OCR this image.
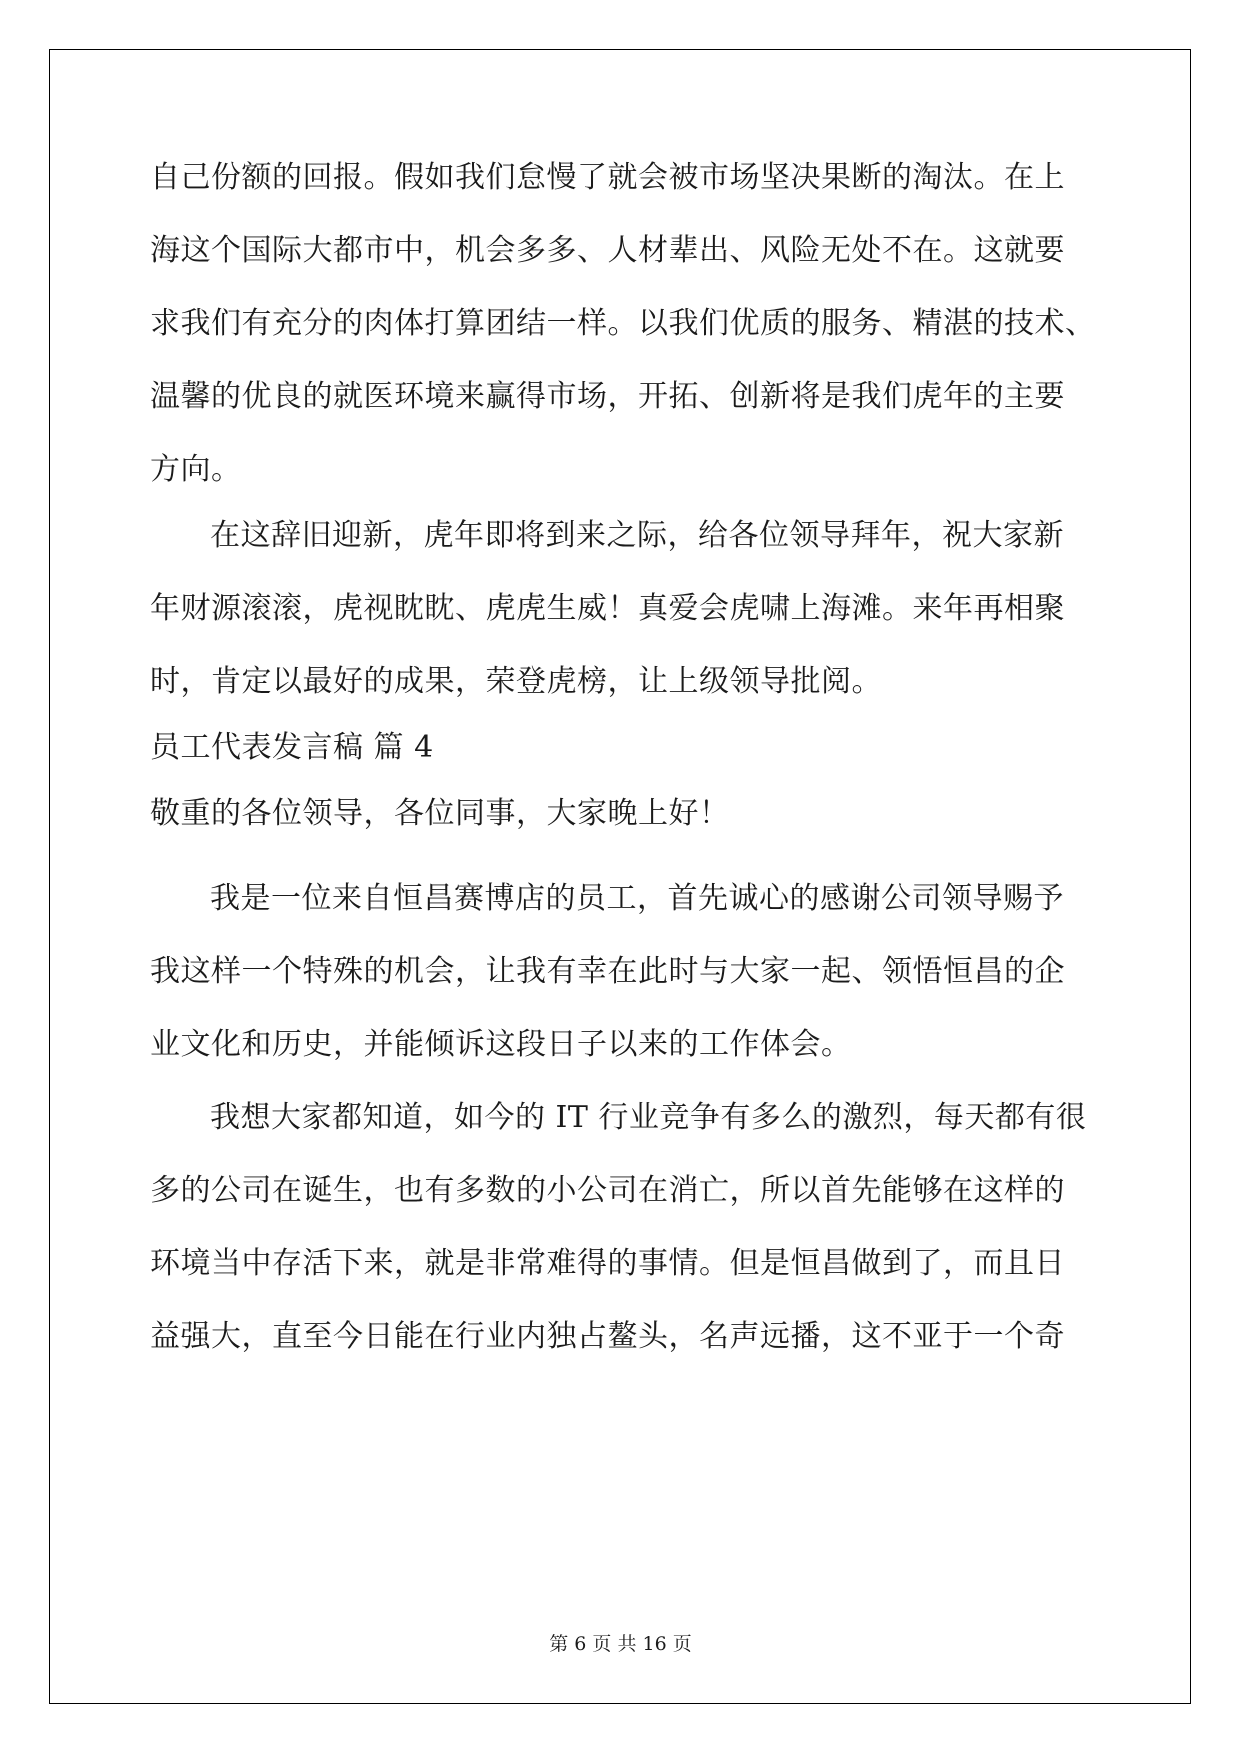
自己份额的回报。假如我们怠慢了就会被市场坚决果断的淘汰。在上
海这个国际大都市中，机会多多、人材辈出、风险无处不在。这就要
求我们有充分的肉体打算团结一样。以我们优质的服务、精湛的技术、
温馨的优良的就医环境来赢得市场，开拓、创新将是我们虎年的主要
方向。
在这辞旧迎新，虎年即将到来之际，给各位领导拜年，祝大家新
年财源滚滚，虎视眈眈、虎虎生威！真爱会虎啸上海滩。来年再相聚
时，肯定以最好的成果，荣登虎榜，让上级领导批阅。
员工代表发言稿 篇 4
敬重的各位领导，各位同事，大家晚上好！
我是一位来自恒昌赛博店的员工，首先诚心的感谢公司领导赐予
我这样一个特殊的机会，让我有幸在此时与大家一起、领悟恒昌的企
业文化和历史，并能倾诉这段日子以来的工作体会。
我想大家都知道，如今的 IT 行业竞争有多么的激烈，每天都有很
多的公司在诞生，也有多数的小公司在消亡，所以首先能够在这样的
环境当中存活下来，就是非常难得的事情。但是恒昌做到了，而且日
益强大，直至今日能在行业内独占鳌头，名声远播，这不亚于一个奇
第 6 页 共 16 页
